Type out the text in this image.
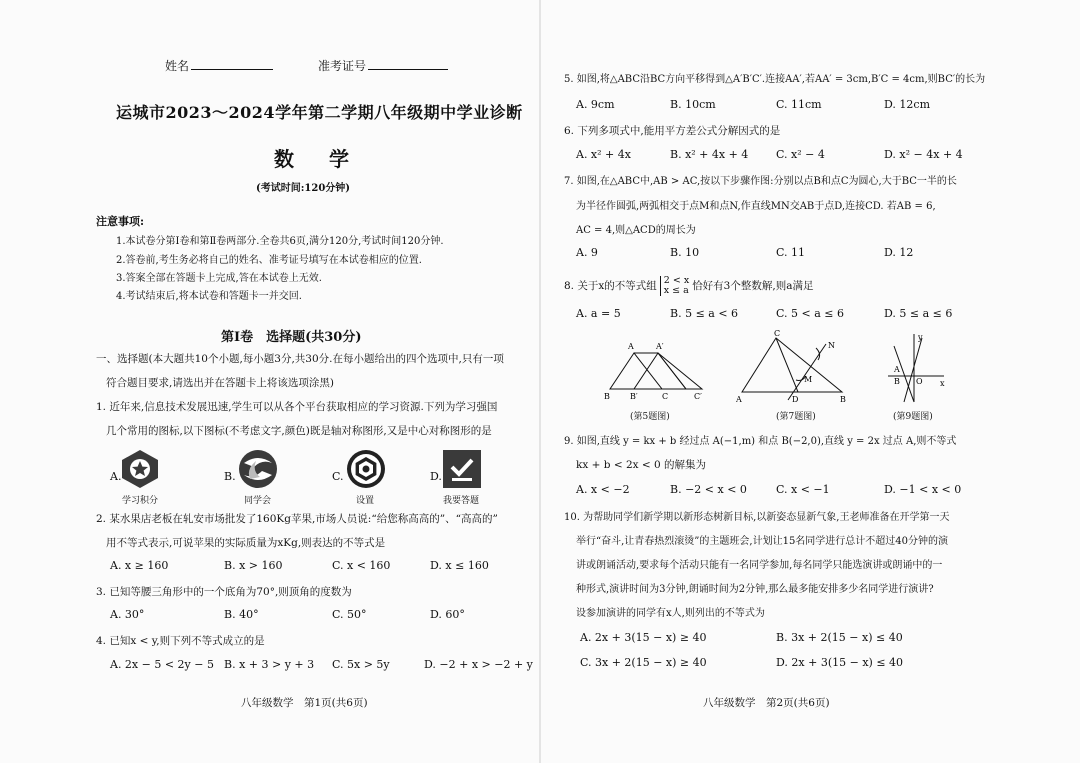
姓名	准考证号
运城市2023～2024学年第二学期八年级期中学业诊断
数 学
(考试时间:120分钟)
注意事项:
1.本试卷分第Ⅰ卷和第Ⅱ卷两部分.全卷共6页,满分120分,考试时间120分钟.
2.答卷前,考生务必将自己的姓名、准考证号填写在本试卷相应的位置.
3.答案全部在答题卡上完成,答在本试卷上无效.
4.考试结束后,将本试卷和答题卡一并交回.
第Ⅰ卷　选择题(共30分)
一、选择题(本大题共10个小题,每小题3分,共30分.在每小题给出的四个选项中,只有一项
符合题目要求,请选出并在答题卡上将该选项涂黑)
1. 近年来,信息技术发展迅速,学生可以从各个平台获取相应的学习资源.下列为学习强国
几个常用的图标,以下图标(不考虑文字,颜色)既是轴对称图形,又是中心对称图形的是
A.
学习积分
B.
同学会
C.
设置
D.
我要答题
2. 某水果店老板在轧安市场批发了160Kg苹果,市场人员说:“给您称高高的”、“高高的”
用不等式表示,可说苹果的实际质量为xKg,则表达的不等式是
A. x ≥ 160	B. x > 160	C. x < 160	D. x ≤ 160
3. 已知等腰三角形中的一个底角为70°,则顶角的度数为
A. 30°	B. 40°	C. 50°	D. 60°
4. 已知x < y,则下列不等式成立的是
A. 2x − 5 < 2y − 5 B. x + 3 > y + 3 C. 5x > 5y	D. −2 + x > −2 + y
八年级数学　第1页(共6页)
5. 如图,将△ABC沿BC方向平移得到△A′B′C′.连接AA′,若AA′ = 3cm,B′C = 4cm,则BC′的长为
A. 9cm	B. 10cm	C. 11cm	D. 12cm
6. 下列多项式中,能用平方差公式分解因式的是
A. x² + 4x	B. x² + 4x + 4	C. x² − 4	D. x² − 4x + 4
7. 如图,在△ABC中,AB > AC,按以下步骤作图:分别以点B和点C为圆心,大于BC一半的长
为半径作圆弧,两弧相交于点M和点N,作直线MN交AB于点D,连接CD. 若AB = 6,
AC = 4,则△ACD的周长为
A. 9	B. 10	C. 11	D. 12
8. 关于x的不等式组 2 < x
x ≤ a 恰好有3个整数解,则a满足
A. a = 5	B. 5 ≤ a < 6	C. 5 < a ≤ 6	D. 5 ≤ a ≤ 6
A	A′
B	B′	C	C′
(第5题图)
C
A	B
D
M
N
(第7题图)
y
x
A
B O
(第9题图)
9. 如图,直线 y = kx + b 经过点 A(−1,m) 和点 B(−2,0),直线 y = 2x 过点 A,则不等式
kx + b < 2x < 0 的解集为
A. x < −2	B. −2 < x < 0	C. x < −1	D. −1 < x < 0
10. 为帮助同学们新学期以新形态树新目标,以新姿态显新气象,王老师准备在开学第一天
举行“奋斗,让青春热烈滚烫”的主题班会,计划让15名同学进行总计不超过40分钟的演
讲或朗诵活动,要求每个活动只能有一名同学参加,每名同学只能选演讲或朗诵中的一
种形式,演讲时间为3分钟,朗诵时间为2分钟,那么最多能安排多少名同学进行演讲?
设参加演讲的同学有x人,则列出的不等式为
A. 2x + 3(15 − x) ≥ 40	B. 3x + 2(15 − x) ≤ 40
C. 3x + 2(15 − x) ≥ 40	D. 2x + 3(15 − x) ≤ 40
八年级数学　第2页(共6页)
